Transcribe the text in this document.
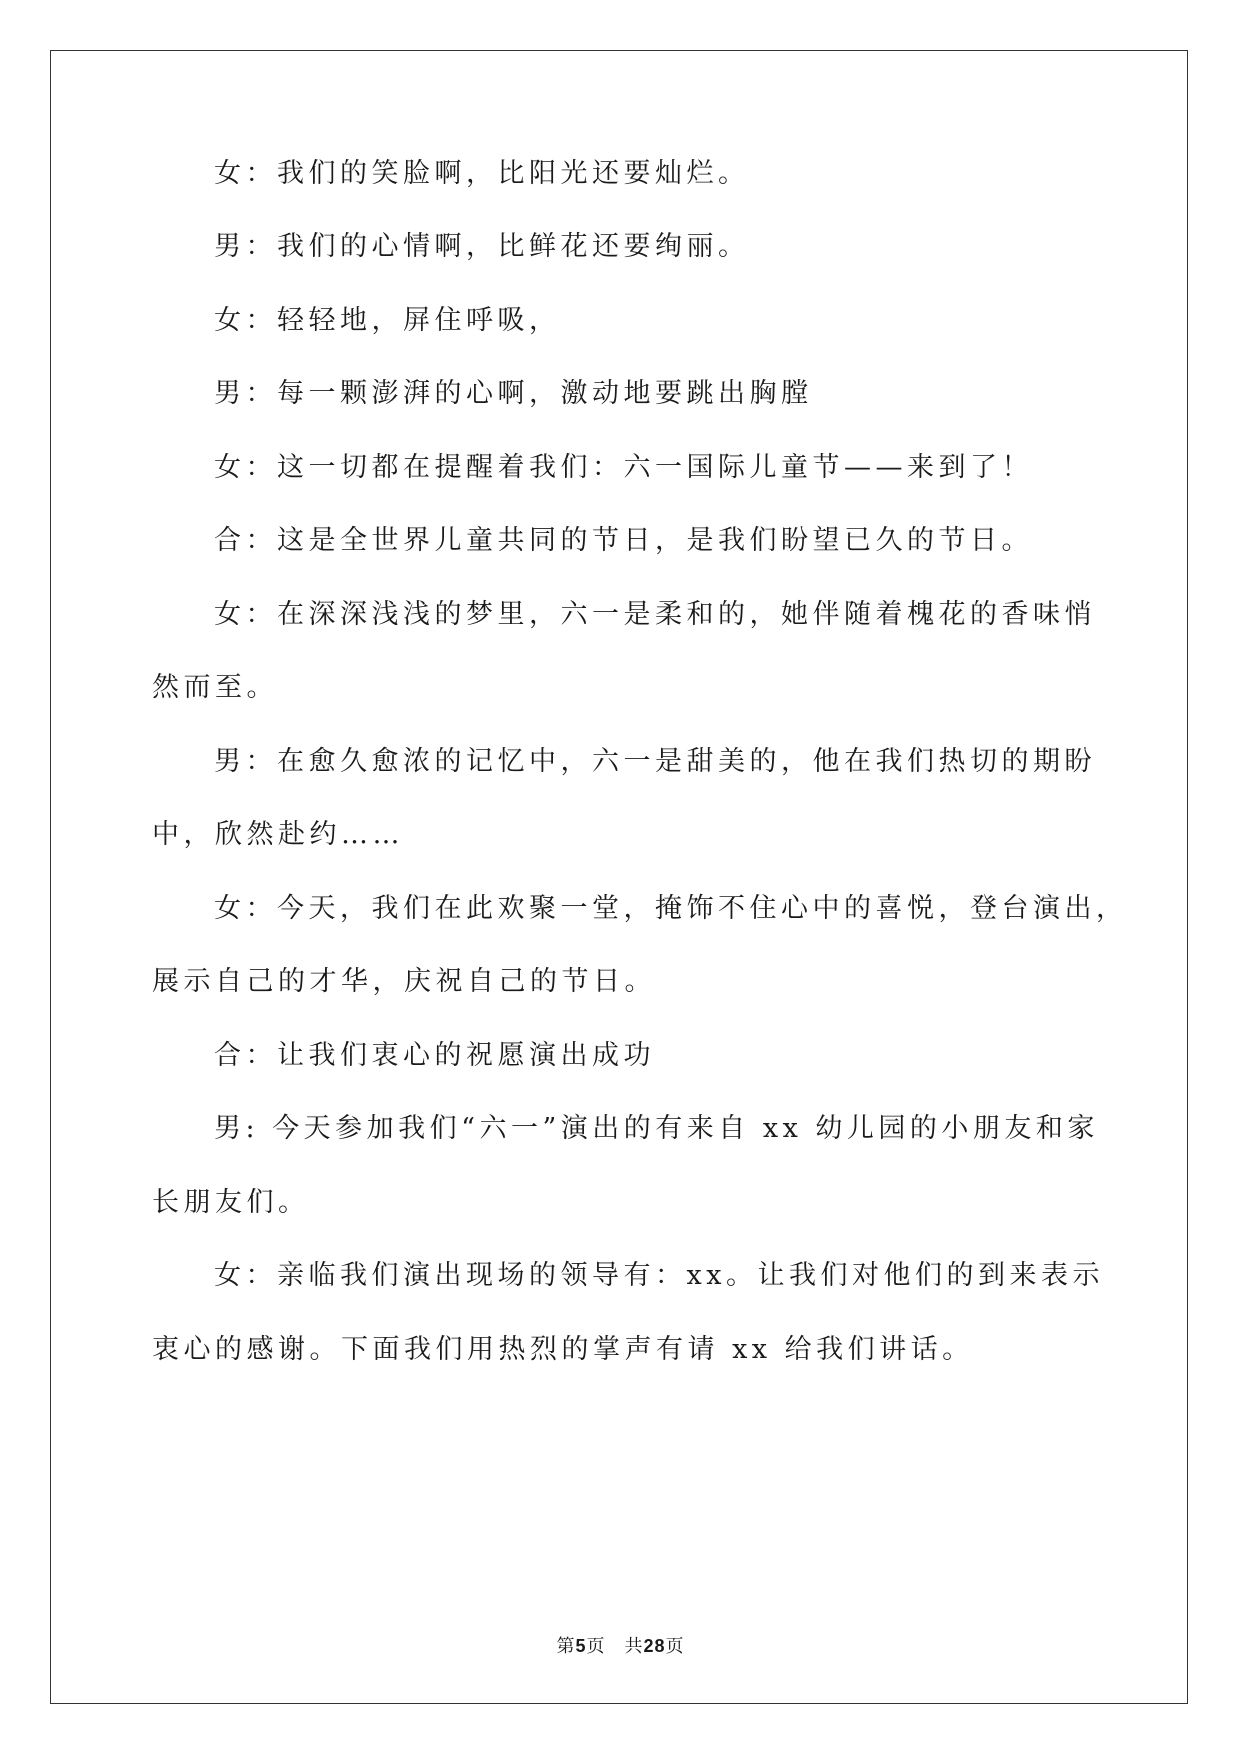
女：我们的笑脸啊，比阳光还要灿烂。

男：我们的心情啊，比鲜花还要绚丽。

女：轻轻地，屏住呼吸，

男：每一颗澎湃的心啊，激动地要跳出胸膛

女：这一切都在提醒着我们：六一国际儿童节——来到了！

合：这是全世界儿童共同的节日，是我们盼望已久的节日。

女：在深深浅浅的梦里，六一是柔和的，她伴随着槐花的香味悄

然而至。

男：在愈久愈浓的记忆中，六一是甜美的，他在我们热切的期盼

中，欣然赴约……

女：今天，我们在此欢聚一堂，掩饰不住心中的喜悦，登台演出，

展示自己的才华，庆祝自己的节日。

合：让我们衷心的祝愿演出成功

男: 今天参加我们“六一”演出的有来自 xx 幼儿园的小朋友和家

长朋友们。

女：亲临我们演出现场的领导有：xx。让我们对他们的到来表示

衷心的感谢。下面我们用热烈的掌声有请 xx 给我们讲话。

第5页　共28页
